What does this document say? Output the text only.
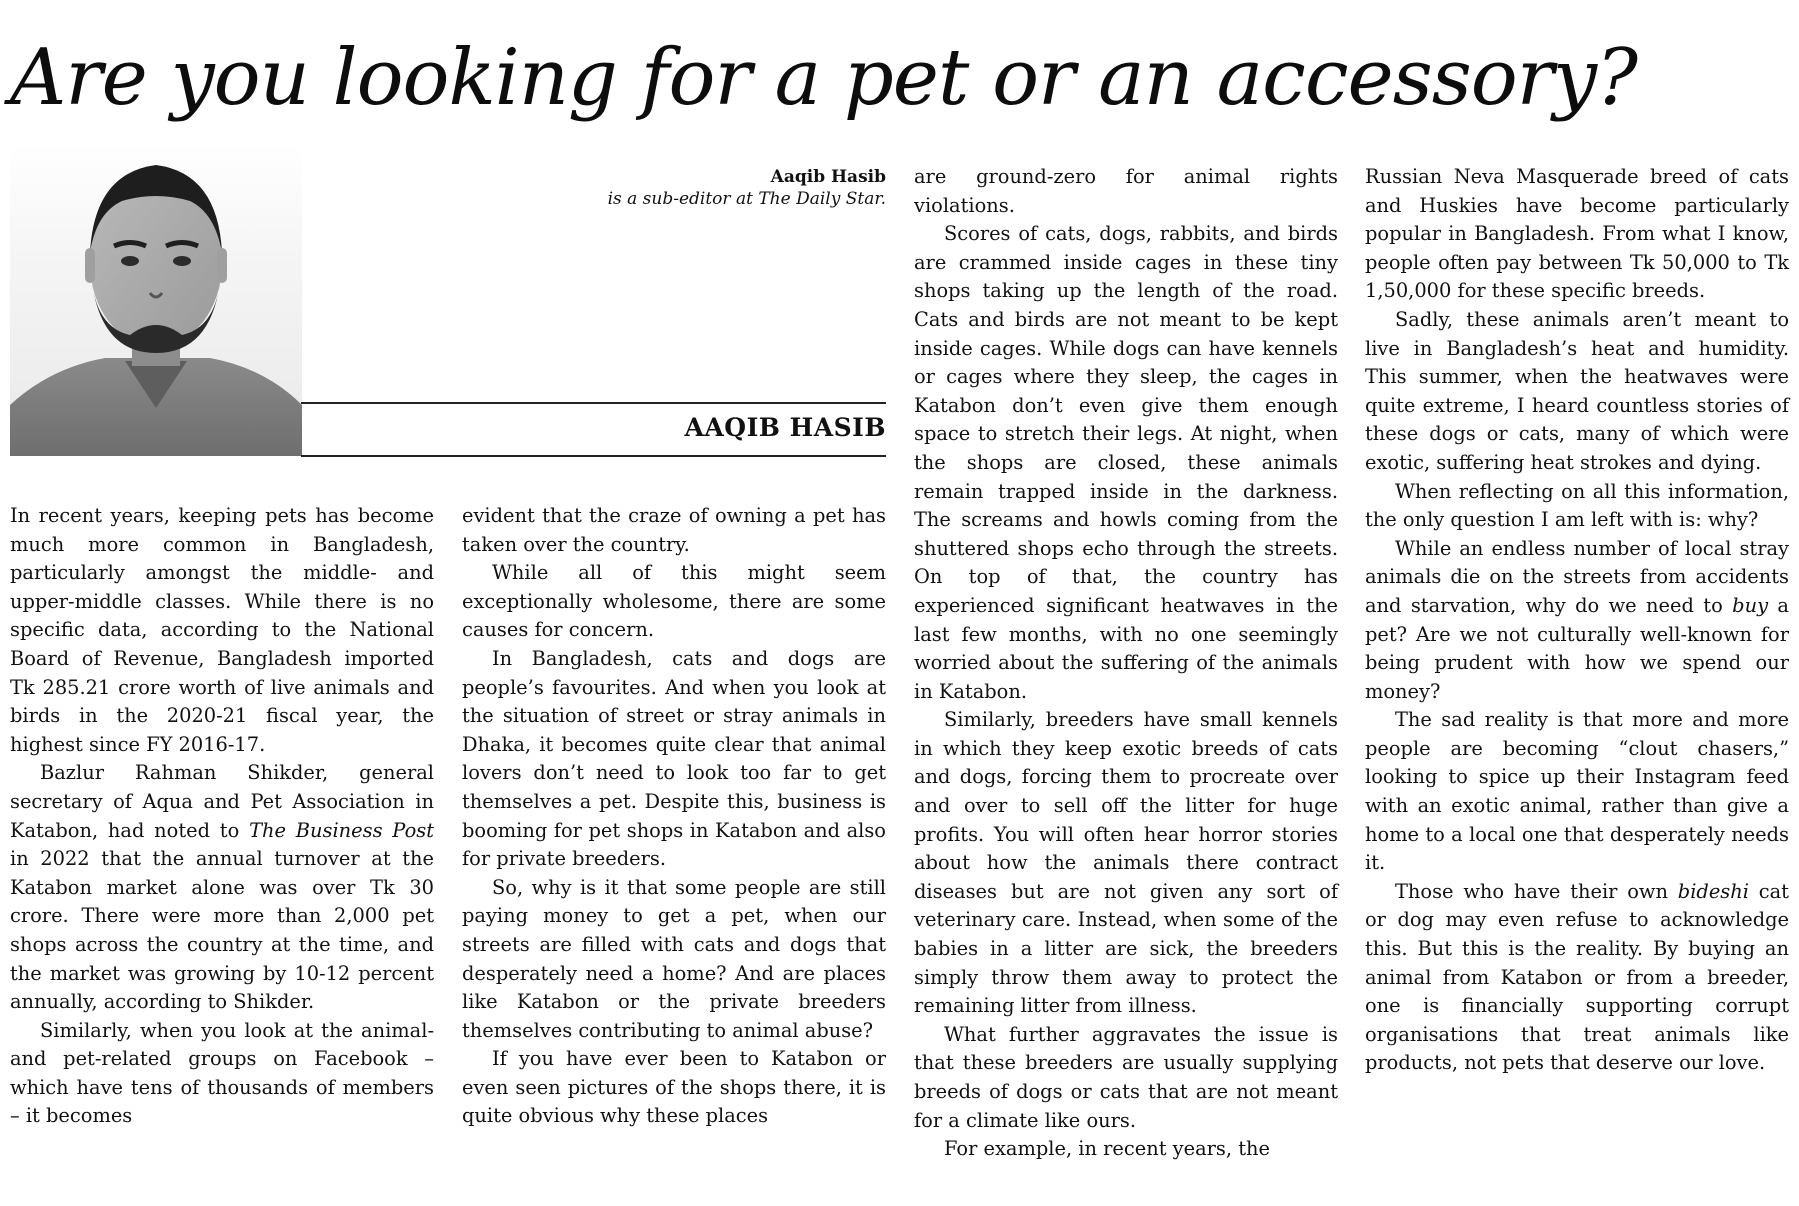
Are you looking for a pet or an accessory?
Aaqib Hasib
is a sub-editor at The Daily Star.
AAQIB HASIB

In recent years, keeping pets has become much more common in Bangladesh, particularly amongst the middle- and upper-middle classes. While there is no specific data, according to the National Board of Revenue, Bangladesh imported Tk 285.21 crore worth of live animals and birds in the 2020-21 fiscal year, the highest since FY 2016-17.

Bazlur Rahman Shikder, general secretary of Aqua and Pet Association in Katabon, had noted to The Business Post in 2022 that the annual turnover at the Katabon market alone was over Tk 30 crore. There were more than 2,000 pet shops across the country at the time, and the market was growing by 10-12 percent annually, according to Shikder.

Similarly, when you look at the animal- and pet-related groups on Facebook – which have tens of thousands of members – it becomes

evident that the craze of owning a pet has taken over the country.

While all of this might seem exceptionally wholesome, there are some causes for concern.

In Bangladesh, cats and dogs are people’s favourites. And when you look at the situation of street or stray animals in Dhaka, it becomes quite clear that animal lovers don’t need to look too far to get themselves a pet. Despite this, business is booming for pet shops in Katabon and also for private breeders.

So, why is it that some people are still paying money to get a pet, when our streets are filled with cats and dogs that desperately need a home? And are places like Katabon or the private breeders themselves contributing to animal abuse?

If you have ever been to Katabon or even seen pictures of the shops there, it is quite obvious why these places

are ground-zero for animal rights violations.

Scores of cats, dogs, rabbits, and birds are crammed inside cages in these tiny shops taking up the length of the road. Cats and birds are not meant to be kept inside cages. While dogs can have kennels or cages where they sleep, the cages in Katabon don’t even give them enough space to stretch their legs. At night, when the shops are closed, these animals remain trapped inside in the darkness. The screams and howls coming from the shuttered shops echo through the streets. On top of that, the country has experienced significant heatwaves in the last few months, with no one seemingly worried about the suffering of the animals in Katabon.

Similarly, breeders have small kennels in which they keep exotic breeds of cats and dogs, forcing them to procreate over and over to sell off the litter for huge profits. You will often hear horror stories about how the animals there contract diseases but are not given any sort of veterinary care. Instead, when some of the babies in a litter are sick, the breeders simply throw them away to protect the remaining litter from illness.

What further aggravates the issue is that these breeders are usually supplying breeds of dogs or cats that are not meant for a climate like ours.

For example, in recent years, the

Russian Neva Masquerade breed of cats and Huskies have become particularly popular in Bangladesh. From what I know, people often pay between Tk 50,000 to Tk 1,50,000 for these specific breeds.

Sadly, these animals aren’t meant to live in Bangladesh’s heat and humidity. This summer, when the heatwaves were quite extreme, I heard countless stories of these dogs or cats, many of which were exotic, suffering heat strokes and dying.

When reflecting on all this information, the only question I am left with is: why?

While an endless number of local stray animals die on the streets from accidents and starvation, why do we need to buy a pet? Are we not culturally well-known for being prudent with how we spend our money?

The sad reality is that more and more people are becoming “clout chasers,” looking to spice up their Instagram feed with an exotic animal, rather than give a home to a local one that desperately needs it.

Those who have their own bideshi cat or dog may even refuse to acknowledge this. But this is the reality. By buying an animal from Katabon or from a breeder, one is financially supporting corrupt organisations that treat animals like products, not pets that deserve our love.
